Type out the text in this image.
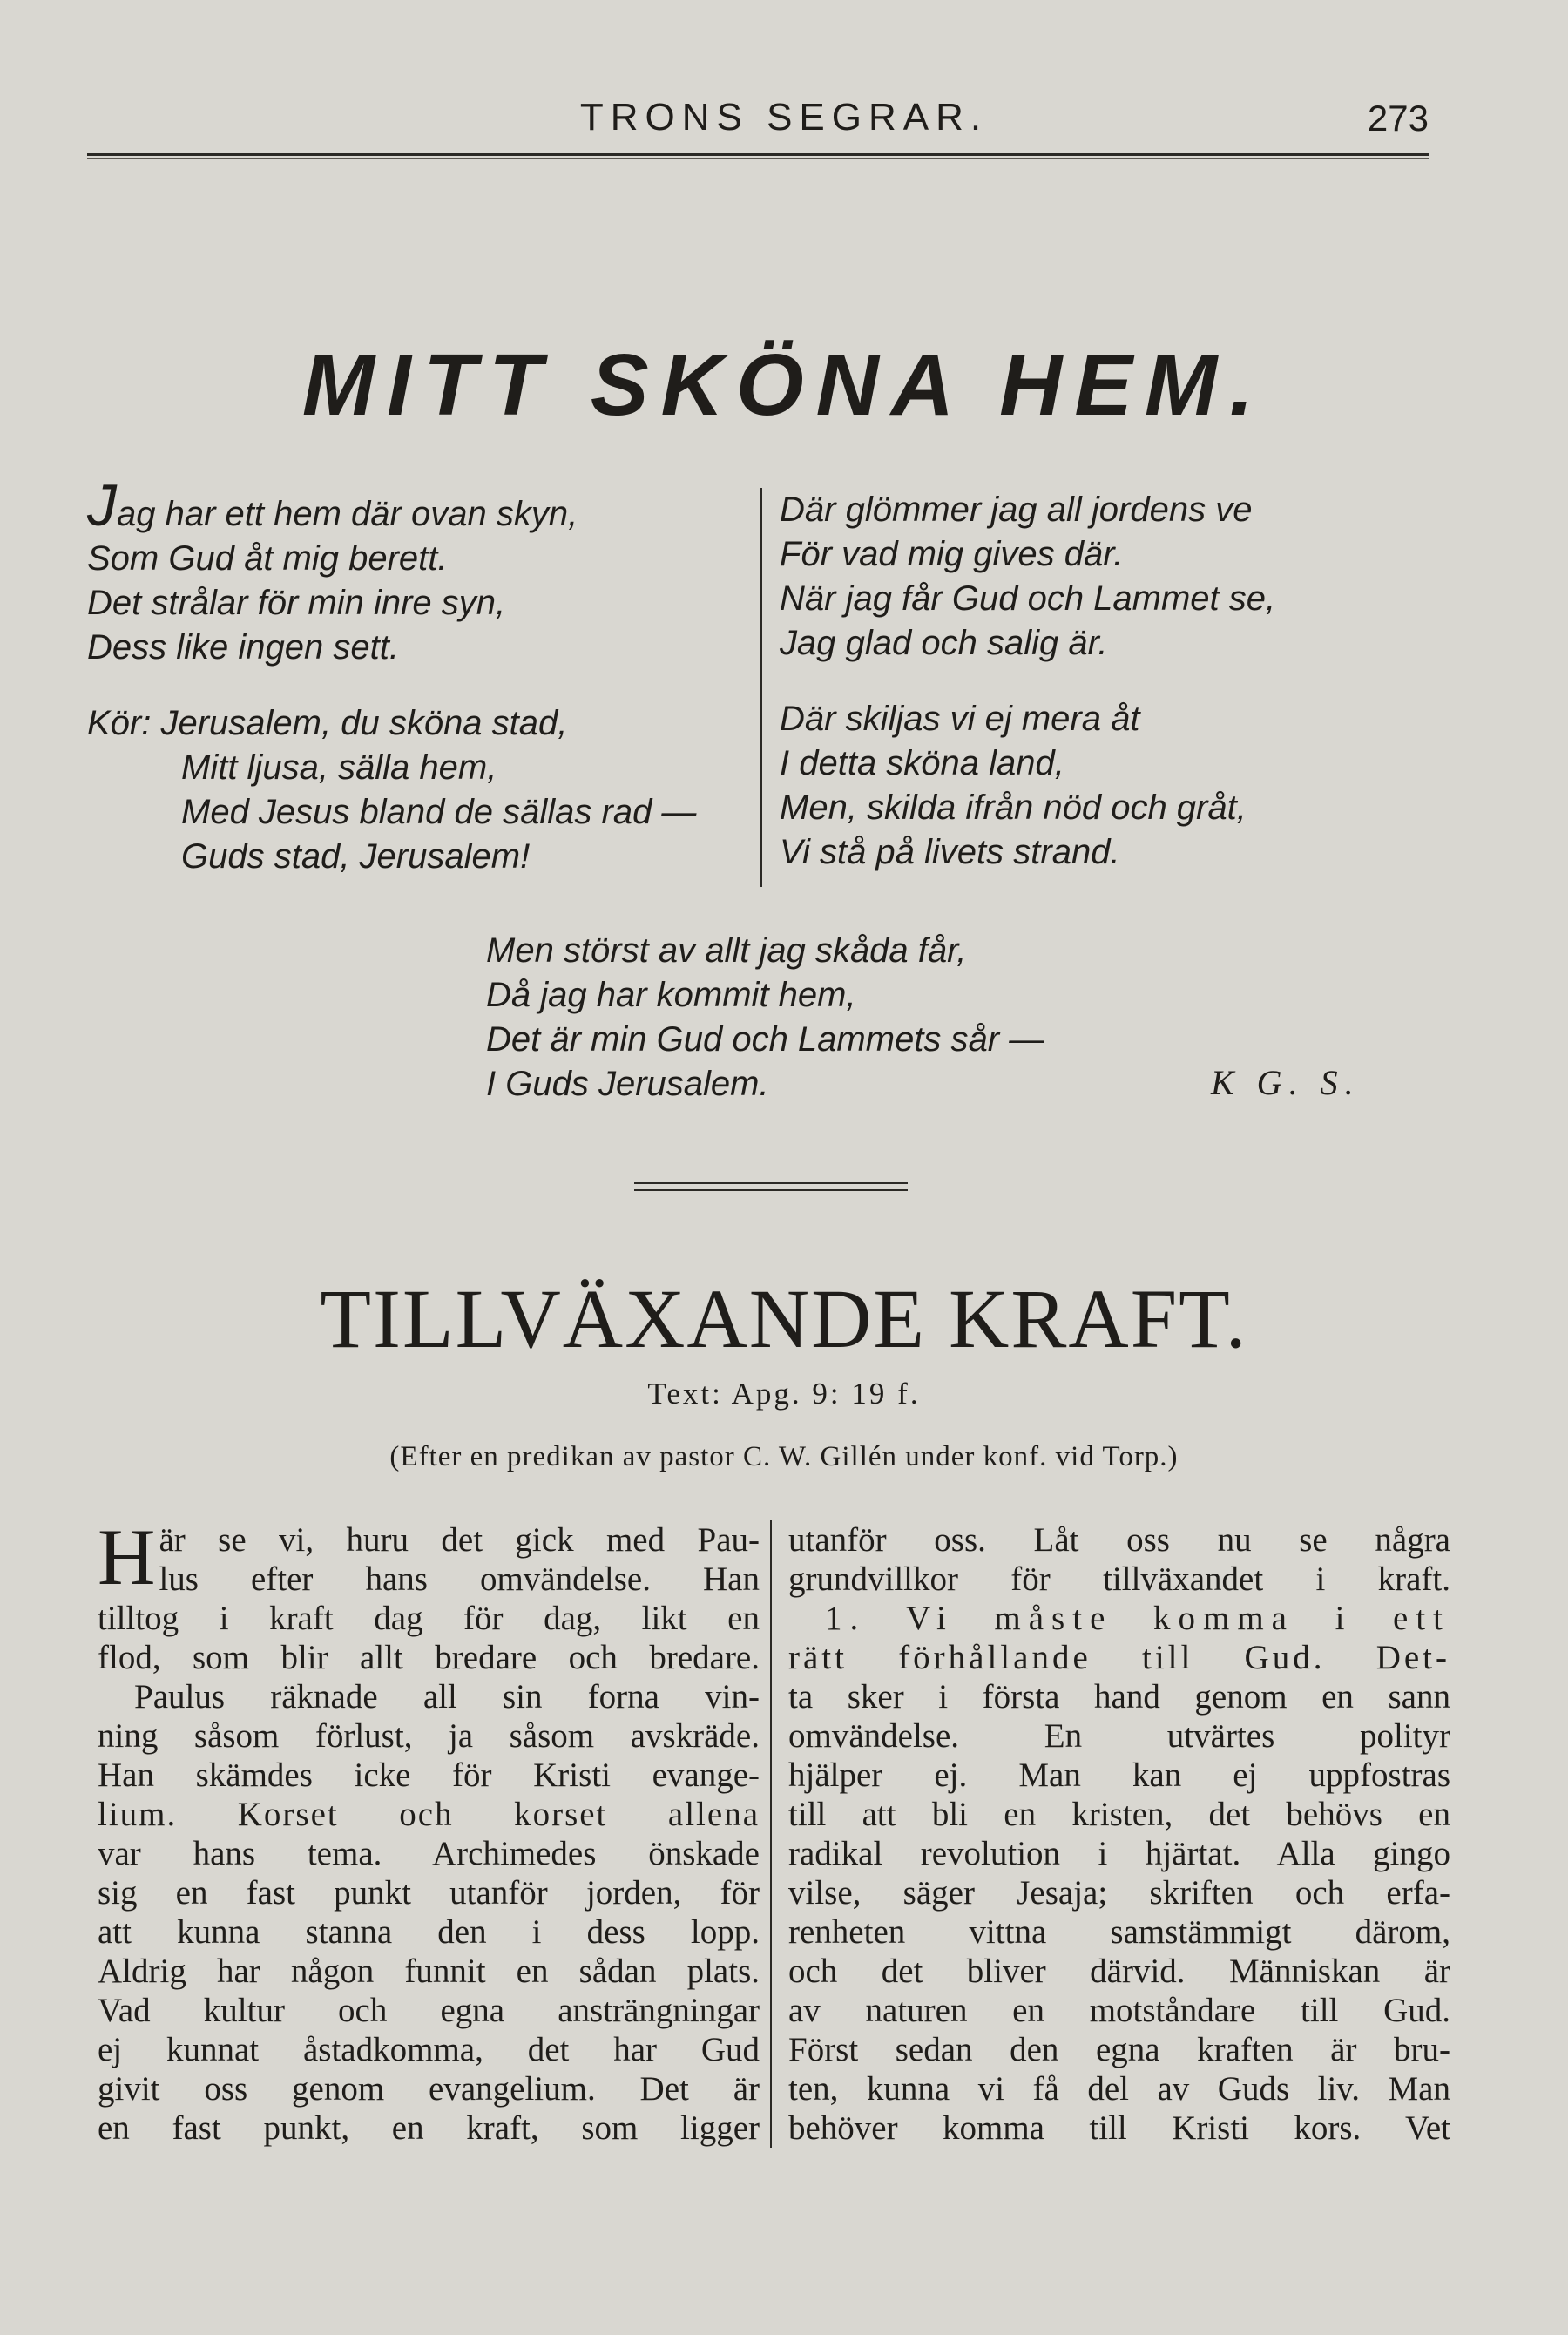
TRONS SEGRAR.	273
MITT SKÖNA HEM.
Jag har ett hem där ovan skyn,
Som Gud åt mig berett.
Det strålar för min inre syn,
Dess like ingen sett.
Kör: Jerusalem, du sköna stad,
Mitt ljusa, sälla hem,
Med Jesus bland de sällas rad —
Guds stad, Jerusalem!
Där glömmer jag all jordens ve
För vad mig gives där.
När jag får Gud och Lammet se,
Jag glad och salig är.
Där skiljas vi ej mera åt
I detta sköna land,
Men, skilda ifrån nöd och gråt,
Vi stå på livets strand.
Men störst av allt jag skåda får,
Då jag har kommit hem,
Det är min Gud och Lammets sår —
I Guds Jerusalem.	K G. S.
TILLVÄXANDE KRAFT.
Text: Apg. 9: 19 f.
(Efter en predikan av pastor C. W. Gillén under konf. vid Torp.)
H är se vi, huru det gick med Pau-
lus efter hans omvändelse. Han
tilltog i kraft dag för dag, likt en
flod, som blir allt bredare och bredare.
Paulus räknade all sin forna vin-
ning såsom förlust, ja såsom avskräde.
Han skämdes icke för Kristi evange-
lium. Korset och korset allena
var hans tema. Archimedes önskade
sig en fast punkt utanför jorden, för
att kunna stanna den i dess lopp.
Aldrig har någon funnit en sådan plats.
Vad kultur och egna ansträngningar
ej kunnat åstadkomma, det har Gud
givit oss genom evangelium. Det är
en fast punkt, en kraft, som ligger
utanför oss. Låt oss nu se några
grundvillkor för tillväxandet i kraft.
1. Vi måste komma i ett
rätt förhållande till Gud. Det-
ta sker i första hand genom en sann
omvändelse. En utvärtes polityr
hjälper ej. Man kan ej uppfostras
till att bli en kristen, det behövs en
radikal revolution i hjärtat. Alla gingo
vilse, säger Jesaja; skriften och erfa-
renheten vittna samstämmigt därom,
och det bliver därvid. Människan är
av naturen en motståndare till Gud.
Först sedan den egna kraften är bru-
ten, kunna vi få del av Guds liv. Man
behöver komma till Kristi kors. Vet
